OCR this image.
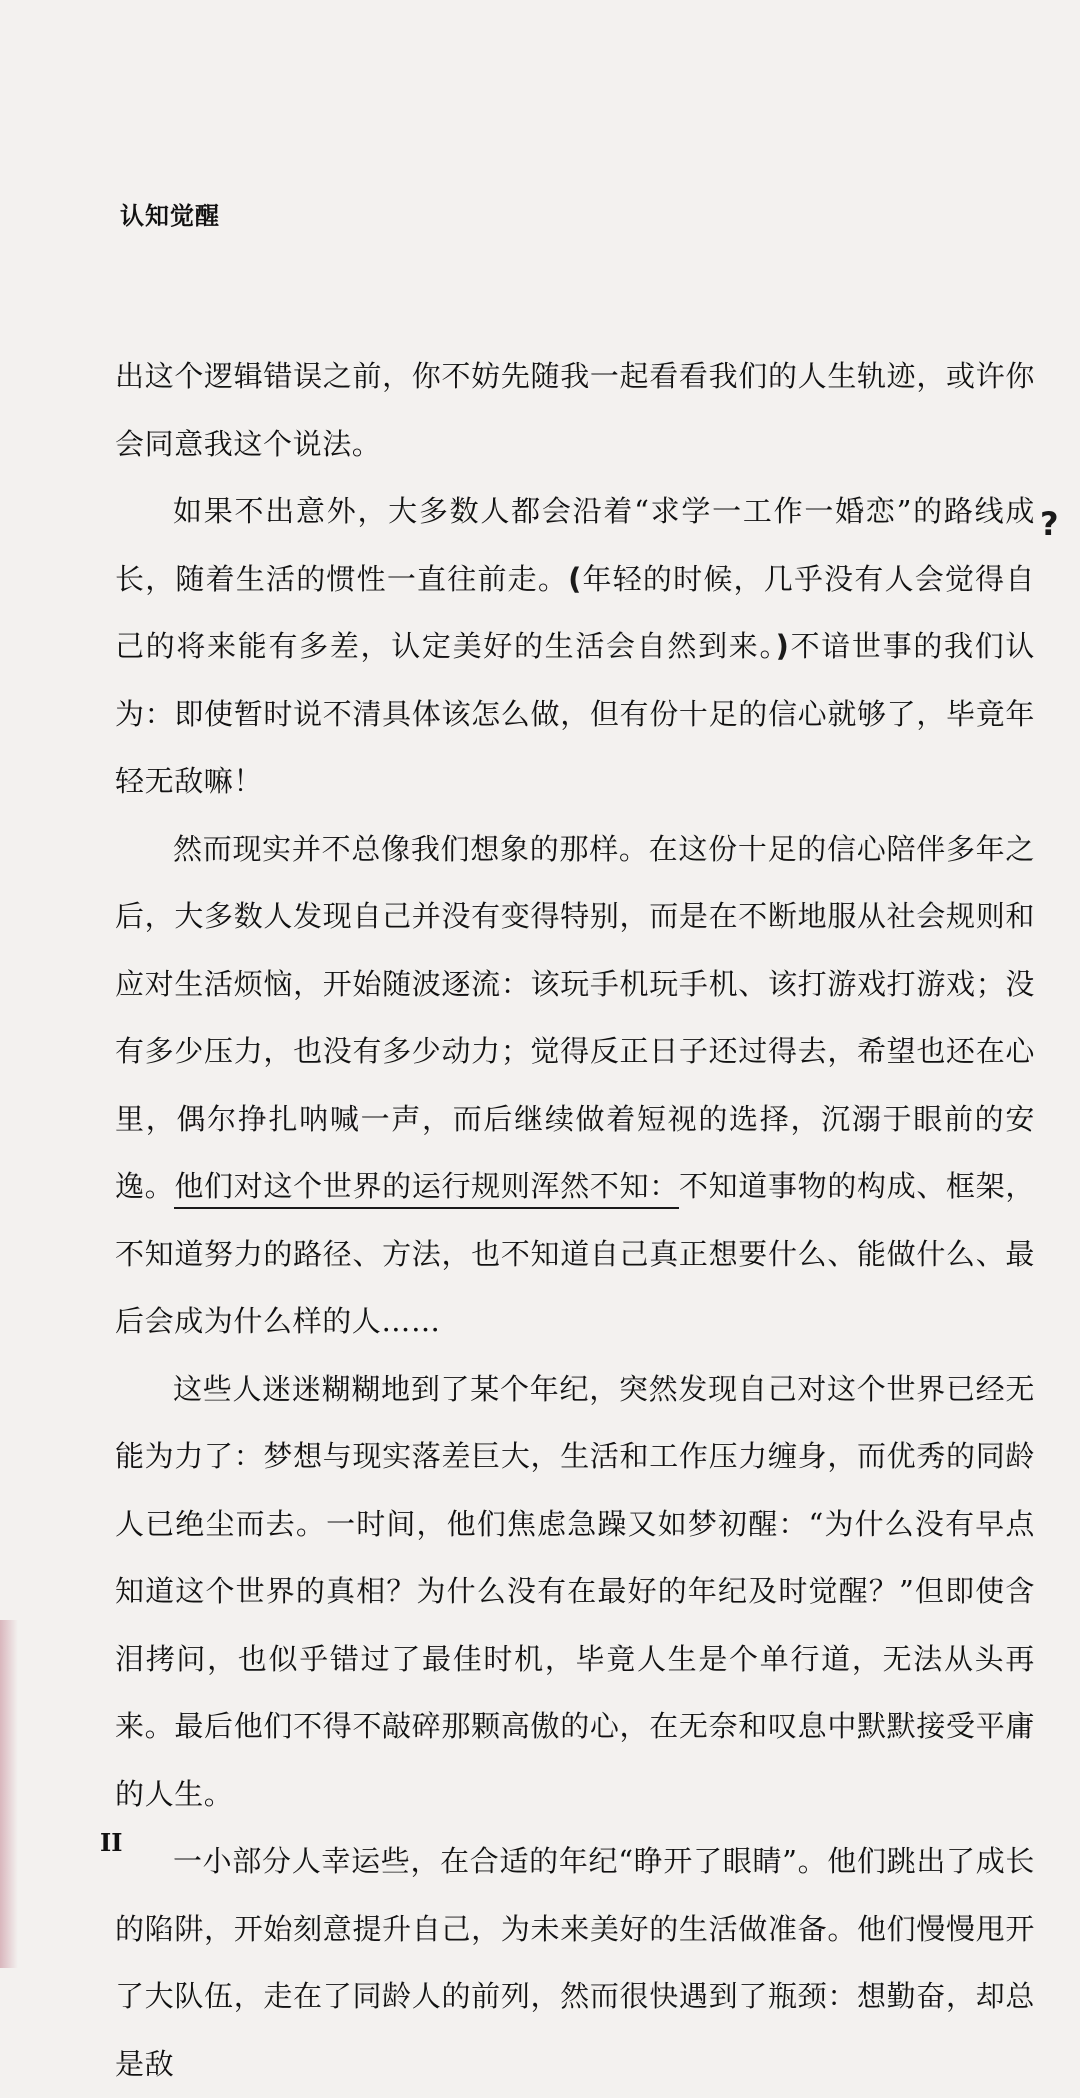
认知觉醒

出这个逻辑错误之前，你不妨先随我一起看看我们的人生轨迹，或许你会同意我这个说法。

如果不出意外，大多数人都会沿着“求学一工作一婚恋”的路线成长，随着生活的惯性一直往前走。(年轻的时候，几乎没有人会觉得自己的将来能有多差，认定美好的生活会自然到来。)不谙世事的我们认为：即使暂时说不清具体该怎么做，但有份十足的信心就够了，毕竟年轻无敌嘛！

然而现实并不总像我们想象的那样。在这份十足的信心陪伴多年之后，大多数人发现自己并没有变得特别，而是在不断地服从社会规则和应对生活烦恼，开始随波逐流：该玩手机玩手机、该打游戏打游戏；没有多少压力，也没有多少动力；觉得反正日子还过得去，希望也还在心里，偶尔挣扎呐喊一声，而后继续做着短视的选择，沉溺于眼前的安逸。他们对这个世界的运行规则浑然不知：不知道事物的构成、框架，不知道努力的路径、方法，也不知道自己真正想要什么、能做什么、最后会成为什么样的人……

这些人迷迷糊糊地到了某个年纪，突然发现自己对这个世界已经无能为力了：梦想与现实落差巨大，生活和工作压力缠身，而优秀的同龄人已绝尘而去。一时间，他们焦虑急躁又如梦初醒：“为什么没有早点知道这个世界的真相？为什么没有在最好的年纪及时觉醒？”但即使含泪拷问，也似乎错过了最佳时机，毕竟人生是个单行道，无法从头再来。最后他们不得不敲碎那颗高傲的心，在无奈和叹息中默默接受平庸的人生。

一小部分人幸运些，在合适的年纪“睁开了眼睛”。他们跳出了成长的陷阱，开始刻意提升自己，为未来美好的生活做准备。他们慢慢甩开了大队伍，走在了同龄人的前列，然而很快遇到了瓶颈：想勤奋，却总是敌

?
II
